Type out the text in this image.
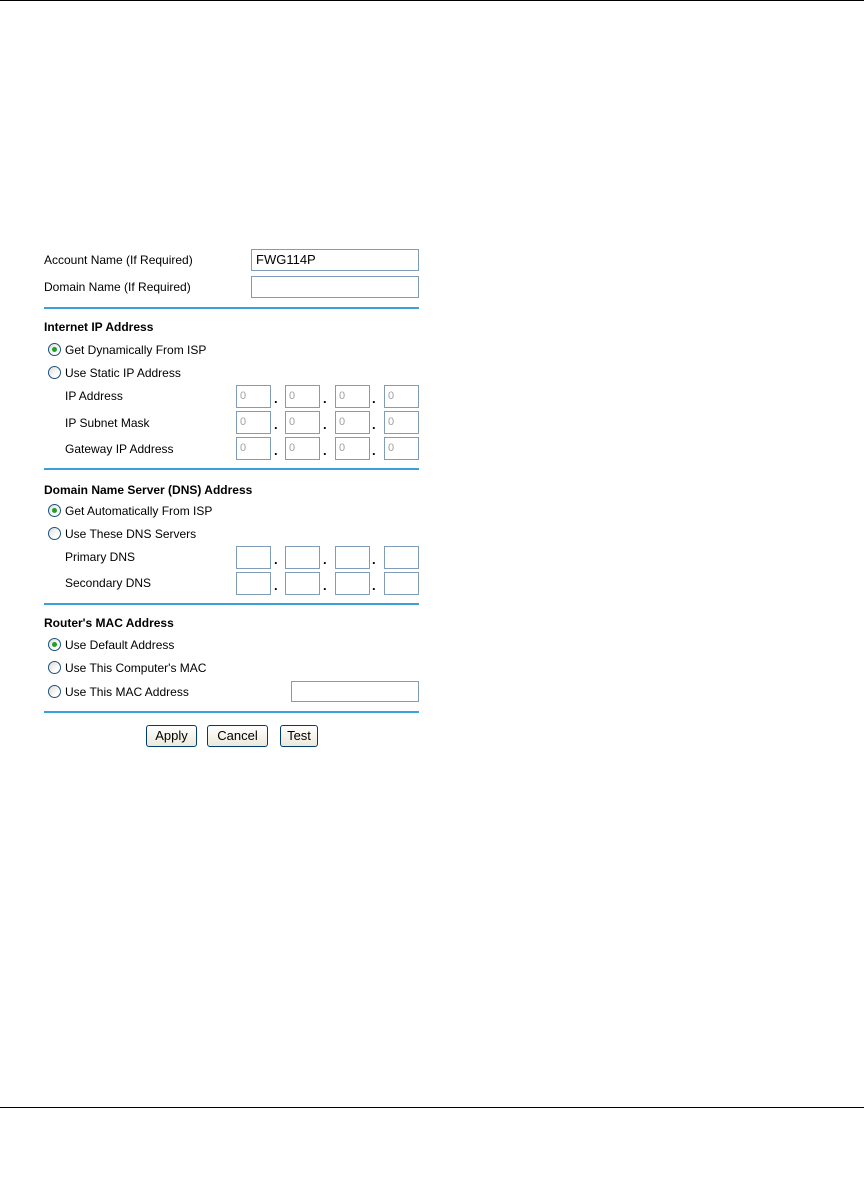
Account Name (If Required)	FWG114P
Domain Name (If Required)
Internet IP Address
Get Dynamically From ISP
Use Static IP Address
IP Address	0	.	0	.	0	.	0
IP Subnet Mask	0	.	0	.	0	.	0
Gateway IP Address	0	.	0	.	0	.	0
Domain Name Server (DNS) Address
Get Automatically From ISP
Use These DNS Servers
Primary DNS	.	.	.
Secondary DNS	.	.	.
Router's MAC Address
Use Default Address
Use This Computer's MAC
Use This MAC Address
Apply	Cancel	Test
